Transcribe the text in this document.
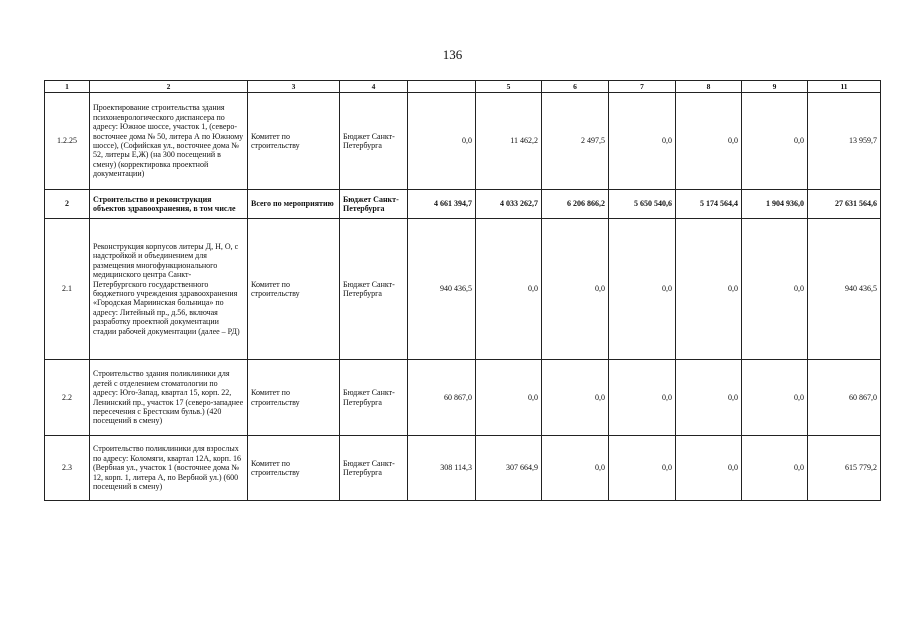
136
1	2	3	4		5	6	7	8	9	11
1.2.25	Проектирование строительства здания психоневрологического диспансера по адресу: Южное шоссе, участок 1, (северо-восточнее дома № 50, литера А по Южному шоссе), (Софийская ул., восточнее дома № 52, литеры Е,Ж) (на 300 посещений в смену) (корректировка проектной документации)	Комитет по строительству	Бюджет Санкт-Петербурга	0,0	11 462,2	2 497,5	0,0	0,0	0,0	13 959,7
2	Строительство и реконструкция объектов здравоохранения, в том числе	Всего по мероприятию	Бюджет Санкт-Петербурга	4 661 394,7	4 033 262,7	6 206 866,2	5 650 540,6	5 174 564,4	1 904 936,0	27 631 564,6
2.1	Реконструкция корпусов литеры Д, Н, О, с надстройкой и объединением для размещения многофункционального медицинского центра Санкт-Петербургского государственного бюджетного учреждения здравоохранения «Городская Мариинская больница» по адресу: Литейный пр., д.56, включая разработку проектной документации стадии рабочей документации (далее – РД)	Комитет по строительству	Бюджет Санкт-Петербурга	940 436,5	0,0	0,0	0,0	0,0	0,0	940 436,5
2.2	Строительство здания поликлиники для детей с отделением стоматологии по адресу: Юго-Запад, квартал 15, корп. 22, Ленинский пр., участок 17 (северо-западнее пересечения с Брестским бульв.) (420 посещений в смену)	Комитет по строительству	Бюджет Санкт-Петербурга	60 867,0	0,0	0,0	0,0	0,0	0,0	60 867,0
2.3	Строительство поликлиники для взрослых по адресу: Коломяги, квартал 12А, корп. 16 (Вербная ул., участок 1 (восточнее дома № 12, корп. 1, литера А, по Вербной ул.) (600 посещений в смену)	Комитет по строительству	Бюджет Санкт-Петербурга	308 114,3	307 664,9	0,0	0,0	0,0	0,0	615 779,2
